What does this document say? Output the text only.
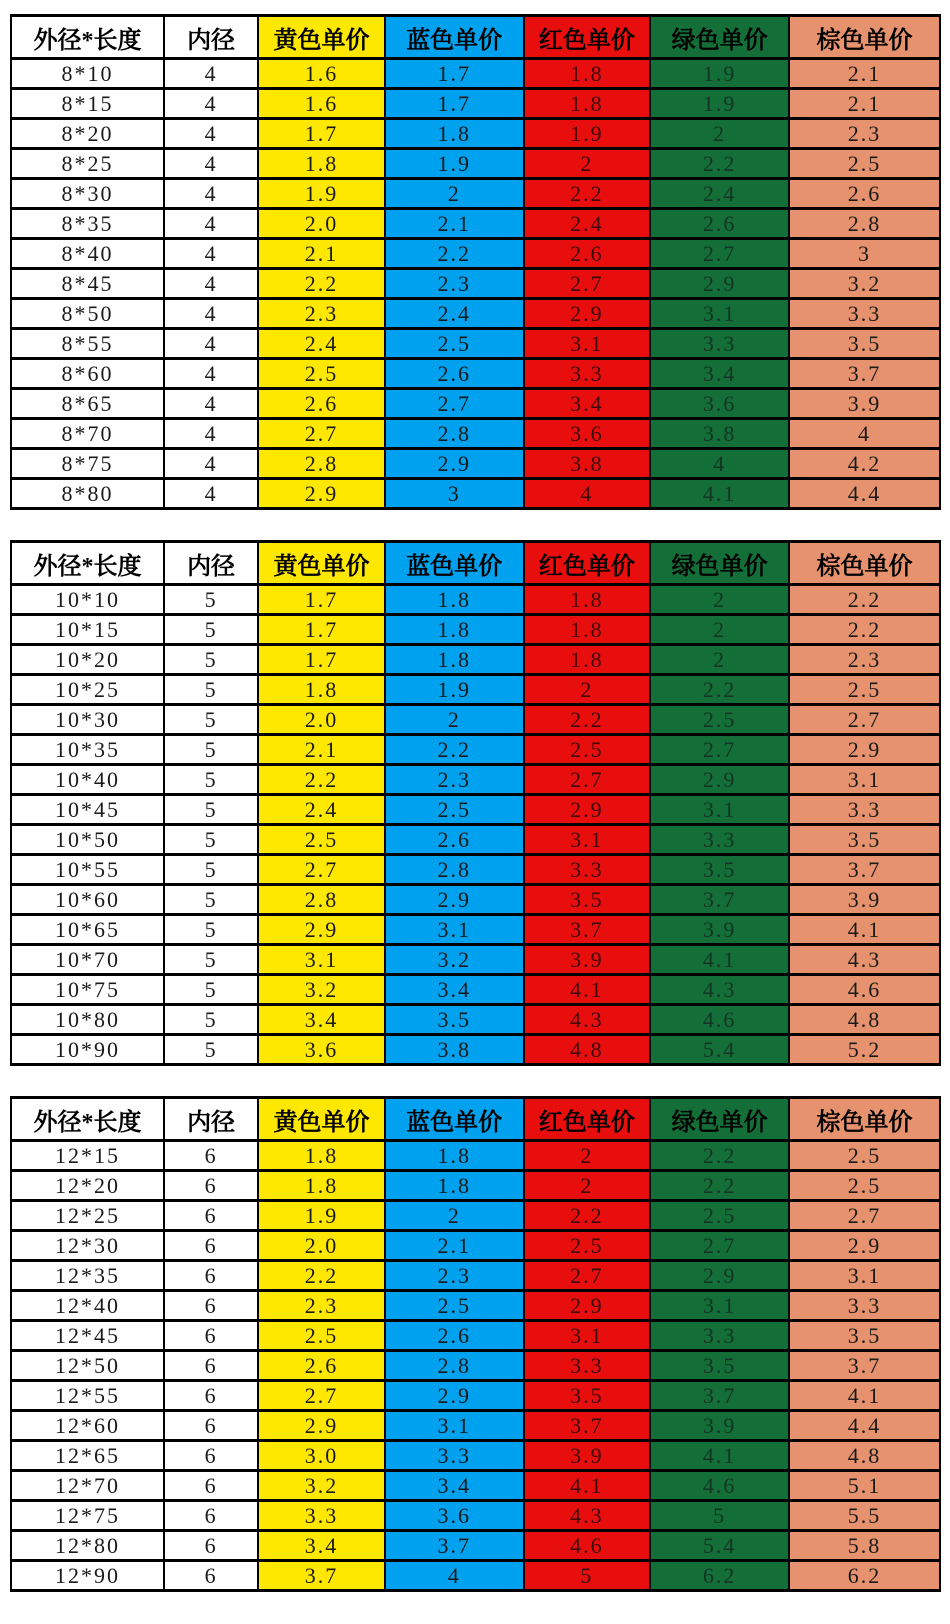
外径*长度	内径	黄色单价	蓝色单价	红色单价	绿色单价	棕色单价
8*10	4	1.6	1.7	1.8	1.9	2.1
8*15	4	1.6	1.7	1.8	1.9	2.1
8*20	4	1.7	1.8	1.9	2	2.3
8*25	4	1.8	1.9	2	2.2	2.5
8*30	4	1.9	2	2.2	2.4	2.6
8*35	4	2.0	2.1	2.4	2.6	2.8
8*40	4	2.1	2.2	2.6	2.7	3
8*45	4	2.2	2.3	2.7	2.9	3.2
8*50	4	2.3	2.4	2.9	3.1	3.3
8*55	4	2.4	2.5	3.1	3.3	3.5
8*60	4	2.5	2.6	3.3	3.4	3.7
8*65	4	2.6	2.7	3.4	3.6	3.9
8*70	4	2.7	2.8	3.6	3.8	4
8*75	4	2.8	2.9	3.8	4	4.2
8*80	4	2.9	3	4	4.1	4.4
外径*长度	内径	黄色单价	蓝色单价	红色单价	绿色单价	棕色单价
10*10	5	1.7	1.8	1.8	2	2.2
10*15	5	1.7	1.8	1.8	2	2.2
10*20	5	1.7	1.8	1.8	2	2.3
10*25	5	1.8	1.9	2	2.2	2.5
10*30	5	2.0	2	2.2	2.5	2.7
10*35	5	2.1	2.2	2.5	2.7	2.9
10*40	5	2.2	2.3	2.7	2.9	3.1
10*45	5	2.4	2.5	2.9	3.1	3.3
10*50	5	2.5	2.6	3.1	3.3	3.5
10*55	5	2.7	2.8	3.3	3.5	3.7
10*60	5	2.8	2.9	3.5	3.7	3.9
10*65	5	2.9	3.1	3.7	3.9	4.1
10*70	5	3.1	3.2	3.9	4.1	4.3
10*75	5	3.2	3.4	4.1	4.3	4.6
10*80	5	3.4	3.5	4.3	4.6	4.8
10*90	5	3.6	3.8	4.8	5.4	5.2
外径*长度	内径	黄色单价	蓝色单价	红色单价	绿色单价	棕色单价
12*15	6	1.8	1.8	2	2.2	2.5
12*20	6	1.8	1.8	2	2.2	2.5
12*25	6	1.9	2	2.2	2.5	2.7
12*30	6	2.0	2.1	2.5	2.7	2.9
12*35	6	2.2	2.3	2.7	2.9	3.1
12*40	6	2.3	2.5	2.9	3.1	3.3
12*45	6	2.5	2.6	3.1	3.3	3.5
12*50	6	2.6	2.8	3.3	3.5	3.7
12*55	6	2.7	2.9	3.5	3.7	4.1
12*60	6	2.9	3.1	3.7	3.9	4.4
12*65	6	3.0	3.3	3.9	4.1	4.8
12*70	6	3.2	3.4	4.1	4.6	5.1
12*75	6	3.3	3.6	4.3	5	5.5
12*80	6	3.4	3.7	4.6	5.4	5.8
12*90	6	3.7	4	5	6.2	6.2
